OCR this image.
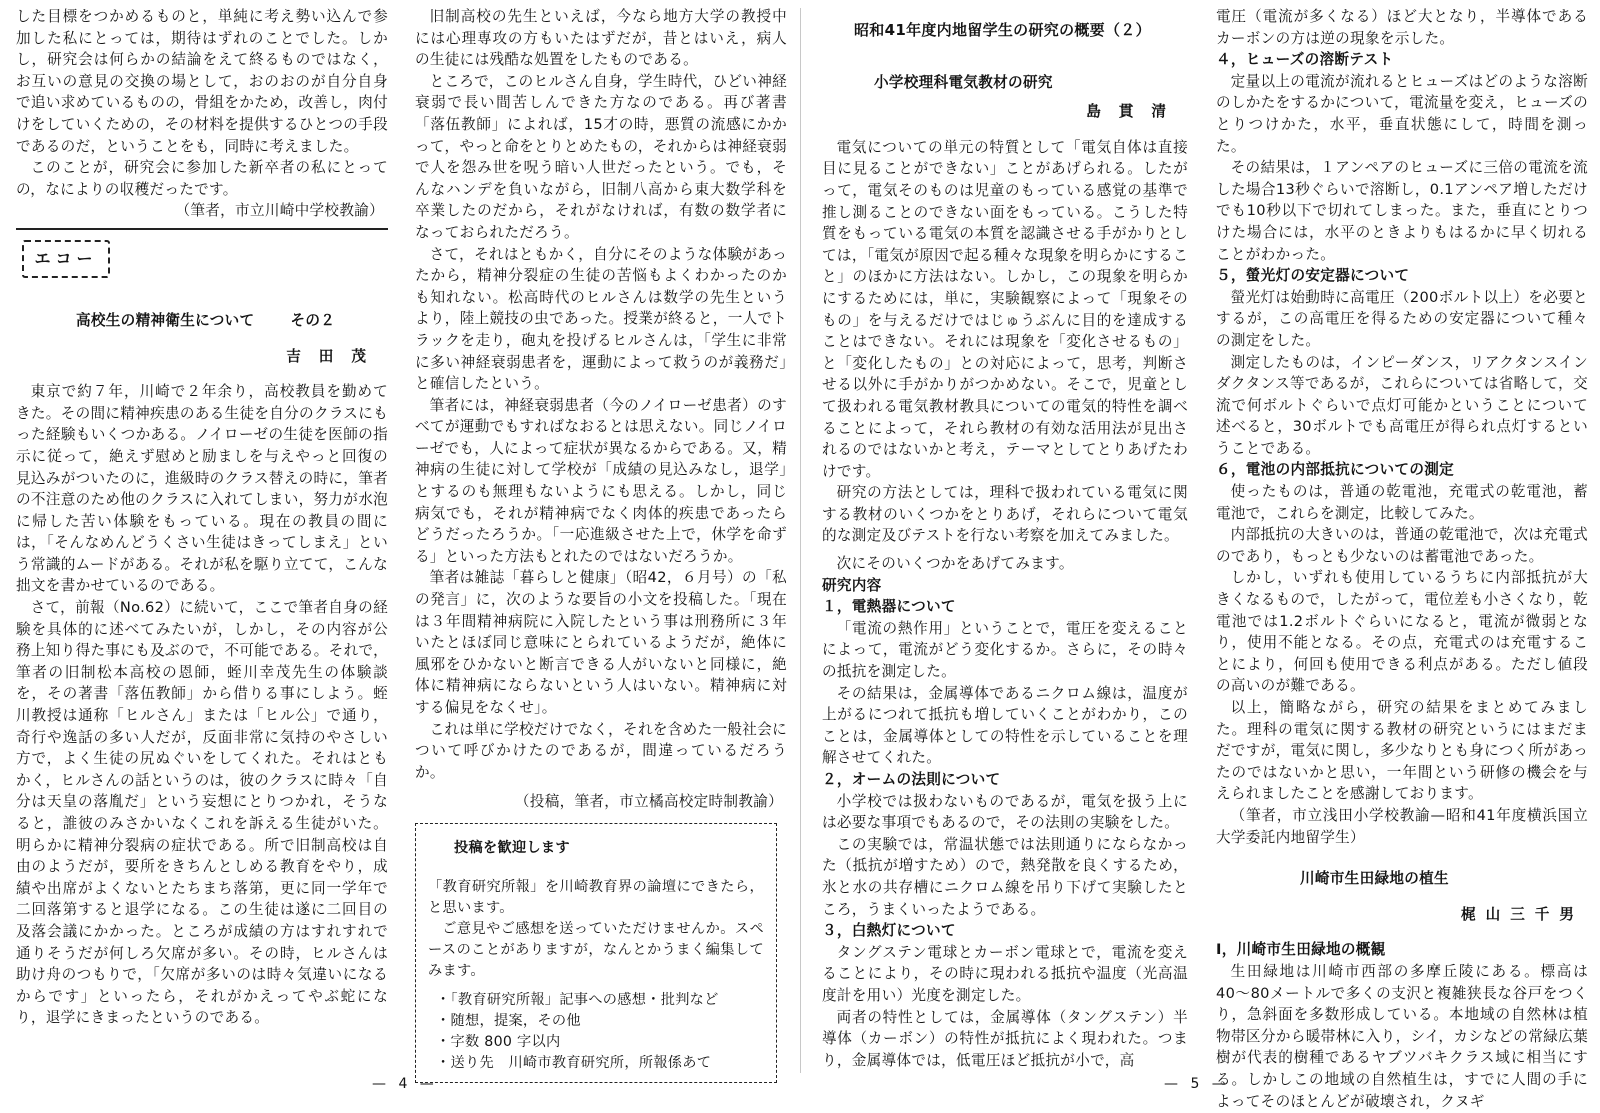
した目標をつかめるものと，単純に考え勢い込んで参加した私にとっては，期待はずれのことでした。しかし，研究会は何らかの結論をえて終るものではなく，お互いの意見の交換の場として，おのおのが自分自身で追い求めているものの，骨組をかため，改善し，肉付けをしていくための，その材料を提供するひとつの手段であるのだ，ということをも，同時に考えました。

このことが，研究会に参加した新卒者の私にとっての，なによりの収穫だったです。

（筆者，市立川崎中学校教諭）

エコー

高校生の精神衛生について その２

吉田茂

東京で約７年，川崎で２年余り，高校教員を勤めてきた。その間に精神疾患のある生徒を自分のクラスにもった経験もいくつかある。ノイローゼの生徒を医師の指示に従って，絶えず慰めと励ましを与えやっと回復の見込みがついたのに，進級時のクラス替えの時に，筆者の不注意のため他のクラスに入れてしまい，努力が水泡に帰した苦い体験をもっている。現在の教員の間には，「そんなめんどうくさい生徒はきってしまえ」という常識的ムードがある。それが私を駆り立てて，こんな拙文を書かせているのである。

さて，前報（No.62）に続いて，ここで筆者自身の経験を具体的に述べてみたいが，しかし，その内容が公務上知り得た事にも及ぶので，不可能である。それで，筆者の旧制松本高校の恩師，蛭川幸茂先生の体験談を，その著書「落伍教師」から借りる事にしよう。蛭川教授は通称「ヒルさん」または「ヒル公」で通り，奇行や逸話の多い人だが，反面非常に気持のやさしい方で，よく生徒の尻ぬぐいをしてくれた。それはともかく，ヒルさんの話というのは，彼のクラスに時々「自分は天皇の落胤だ」という妄想にとりつかれ，そうなると，誰彼のみさかいなくこれを訴える生徒がいた。明らかに精神分裂病の症状である。所で旧制高校は自由のようだが，要所をきちんとしめる教育をやり，成績や出席がよくないとたちまち落第，更に同一学年で二回落第すると退学になる。この生徒は遂に二回目の及落会議にかかった。ところが成績の方はすれすれで通りそうだが何しろ欠席が多い。その時，ヒルさんは助け舟のつもりで，「欠席が多いのは時々気違いになるからです」といったら，それがかえってやぶ蛇になり，退学にきまったというのである。

旧制高校の先生といえば，今なら地方大学の教授中には心理専攻の方もいたはずだが，昔とはいえ，病人の生徒には残酷な処置をしたものである。

ところで，このヒルさん自身，学生時代，ひどい神経衰弱で長い間苦しんできた方なのである。再び著書「落伍教師」によれば，15才の時，悪質の流感にかかって，やっと命をとりとめたもの，それからは神経衰弱で人を怨み世を呪う暗い人世だったという。でも，そんなハンデを負いながら，旧制八高から東大数学科を卒業したのだから，それがなければ，有数の数学者になっておられただろう。

さて，それはともかく，自分にそのような体験があったから，精神分裂症の生徒の苦悩もよくわかったのかも知れない。松高時代のヒルさんは数学の先生というより，陸上競技の虫であった。授業が終ると，一人でトラックを走り，砲丸を投げるヒルさんは，「学生に非常に多い神経衰弱患者を，運動によって救うのが義務だ」と確信したという。

筆者には，神経衰弱患者（今のノイローゼ患者）のすべてが運動でもすればなおるとは思えない。同じノイローゼでも，人によって症状が異なるからである。又，精神病の生徒に対して学校が「成績の見込みなし，退学」とするのも無理もないようにも思える。しかし，同じ病気でも，それが精神病でなく肉体的疾患であったらどうだったろうか。「一応進級させた上で，休学を命ずる」といった方法もとれたのではないだろうか。

筆者は雑誌「暮らしと健康」（昭42，６月号）の「私の発言」に，次のような要旨の小文を投稿した。「現在は３年間精神病院に入院したという事は刑務所に３年いたとほぼ同じ意味にとられているようだが，絶体に風邪をひかないと断言できる人がいないと同様に，絶体に精神病にならないという人はいない。精神病に対する偏見をなくせ」。

これは単に学校だけでなく，それを含めた一般社会について呼びかけたのであるが，間違っているだろうか。

（投稿，筆者，市立橘高校定時制教諭）

投稿を歓迎します

「教育研究所報」を川崎教育界の論壇にできたら，と思います。

ご意見やご感想を送っていただけませんか。スペースのことがありますが，なんとかうまく編集してみます。

・「教育研究所報」記事への感想・批判など

・随想，提案，その他

・字数 800 字以内

・送り先　川崎市教育研究所，所報係あて

昭和41年度内地留学生の研究の概要（２）

小学校理科電気教材の研究

島貫清

電気についての単元の特質として「電気自体は直接目に見ることができない」ことがあげられる。したがって，電気そのものは児童のもっている感覚の基準で推し測ることのできない面をもっている。こうした特質をもっている電気の本質を認識させる手がかりとしては，「電気が原因で起る種々な現象を明らかにすること」のほかに方法はない。しかし，この現象を明らかにするためには，単に，実験観察によって「現象そのもの」を与えるだけではじゅうぶんに目的を達成することはできない。それには現象を「変化させるもの」と「変化したもの」との対応によって，思考，判断させる以外に手がかりがつかめない。そこで，児童として扱われる電気教材教具についての電気的特性を調べることによって，それら教材の有効な活用法が見出されるのではないかと考え，テーマとしてとりあげたわけです。

研究の方法としては，理科で扱われている電気に関する教材のいくつかをとりあげ，それらについて電気的な測定及びテストを行ない考察を加えてみました。

次にそのいくつかをあげてみます。

研究内容

１，電熱器について

「電流の熱作用」ということで，電圧を変えることによって，電流がどう変化するか。さらに，その時々の抵抗を測定した。

その結果は，金属導体であるニクロム線は，温度が上がるにつれて抵抗も増していくことがわかり，このことは，金属導体としての特性を示していることを理解させてくれた。

２，オームの法則について

小学校では扱わないものであるが，電気を扱う上には必要な事項でもあるので，その法則の実験をした。

この実験では，常温状態では法則通りにならなかった（抵抗が増すため）ので，熱発散を良くするため，氷と水の共存槽にニクロム線を吊り下げて実験したところ，うまくいったようである。

３，白熱灯について

タングステン電球とカーボン電球とで，電流を変えることにより，その時に現われる抵抗や温度（光高温度計を用い）光度を測定した。

両者の特性としては，金属導体（タングステン）半導体（カーボン）の特性が抵抗によく現われた。つまり，金属導体では，低電圧ほど抵抗が小で，高

電圧（電流が多くなる）ほど大となり，半導体であるカーボンの方は逆の現象を示した。

４，ヒューズの溶断テスト

定量以上の電流が流れるとヒューズはどのような溶断のしかたをするかについて，電流量を変え，ヒューズのとりつけかた，水平，垂直状態にして，時間を測った。

その結果は，１アンペアのヒューズに三倍の電流を流した場合13秒ぐらいで溶断し，0.1アンペア増しただけでも10秒以下で切れてしまった。また，垂直にとりつけた場合には，水平のときよりもはるかに早く切れることがわかった。

５，螢光灯の安定器について

螢光灯は始動時に高電圧（200ボルト以上）を必要とするが，この高電圧を得るための安定器について種々の測定をした。

測定したものは，インピーダンス，リアクタンスインダクタンス等であるが，これらについては省略して，交流で何ボルトぐらいで点灯可能かということについて述べると，30ボルトでも高電圧が得られ点灯するということである。

６，電池の内部抵抗についての測定

使ったものは，普通の乾電池，充電式の乾電池，蓄電池で，これらを測定，比較してみた。

内部抵抗の大きいのは，普通の乾電池で，次は充電式のであり，もっとも少ないのは蓄電池であった。

しかし，いずれも使用しているうちに内部抵抗が大きくなるもので，したがって，電位差も小さくなり，乾電池では1.2ボルトぐらいになると，電流が微弱となり，使用不能となる。その点，充電式のは充電することにより，何回も使用できる利点がある。ただし値段の高いのが難である。

以上，簡略ながら，研究の結果をまとめてみました。理科の電気に関する教材の研究というにはまだまだですが，電気に関し，多少なりとも身につく所があったのではないかと思い，一年間という研修の機会を与えられましたことを感謝しております。

（筆者，市立浅田小学校教諭—昭和41年度横浜国立大学委託内地留学生）

川崎市生田緑地の植生

梶山三千男

Ⅰ，川崎市生田緑地の概観

生田緑地は川崎市西部の多摩丘陵にある。標高は40〜80メートルで多くの支沢と複雑狭長な谷戸をつくり，急斜面を多数形成している。本地域の自然林は植物帯区分から暖帯林に入り，シイ，カシなどの常緑広葉樹が代表的樹種であるヤブツバキクラス域に相当にする。しかしこの地域の自然植生は，すでに人間の手によってそのほとんどが破壊され，クヌギ

— 4 —	— 5 —
